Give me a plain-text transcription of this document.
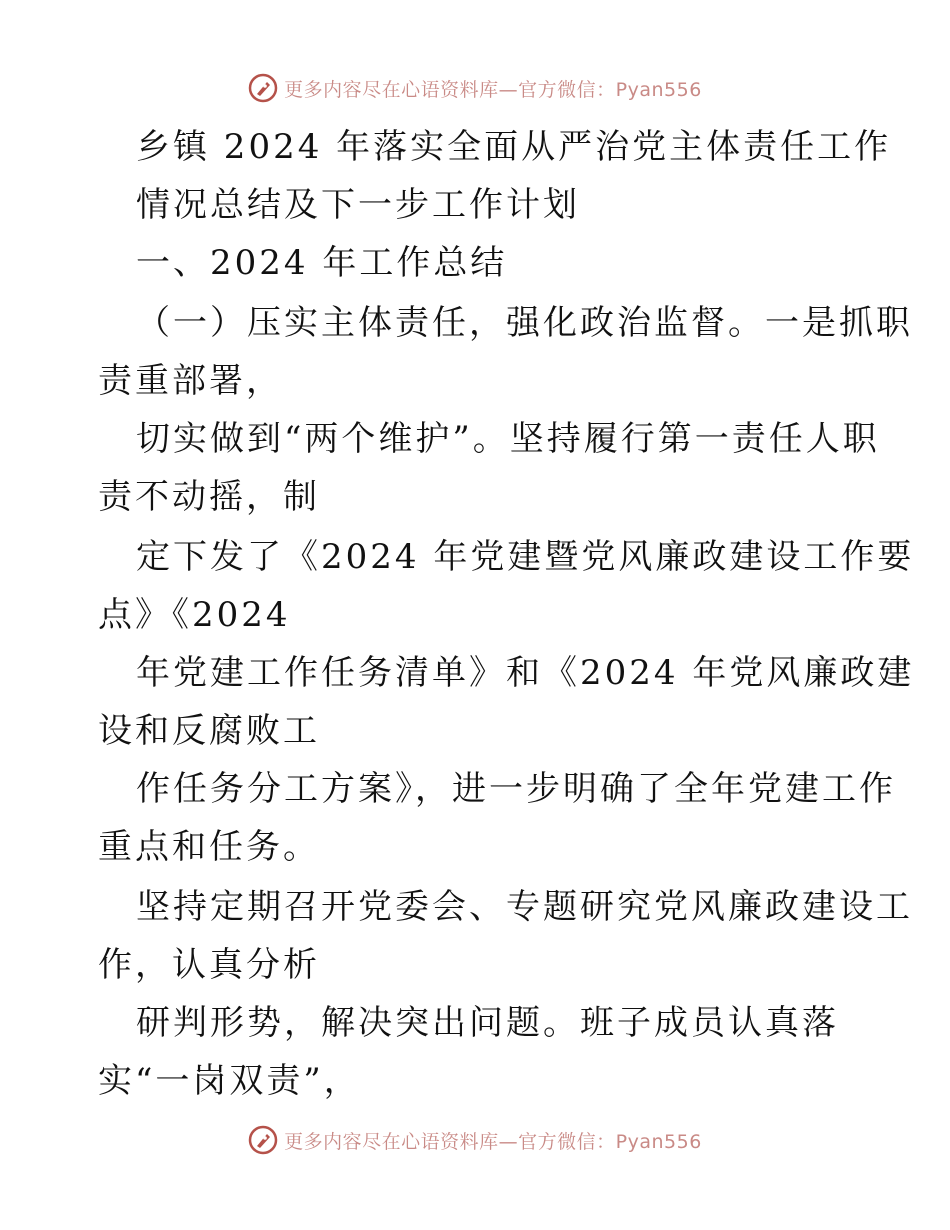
更多内容尽在心语资料库—官方微信：Pyan556
乡镇 2024 年落实全面从严治党主体责任工作
情况总结及下一步工作计划
一、2024 年工作总结
（一）压实主体责任，强化政治监督。一是抓职
责重部署，
切实做到“两个维护”。坚持履行第一责任人职
责不动摇，制
定下发了《2024 年党建暨党风廉政建设工作要
点》《2024
年党建工作任务清单》和《2024 年党风廉政建
设和反腐败工
作任务分工方案》，进一步明确了全年党建工作
重点和任务。
坚持定期召开党委会、专题研究党风廉政建设工
作，认真分析
研判形势，解决突出问题。班子成员认真落
实“一岗双责”，
更多内容尽在心语资料库—官方微信：Pyan556
